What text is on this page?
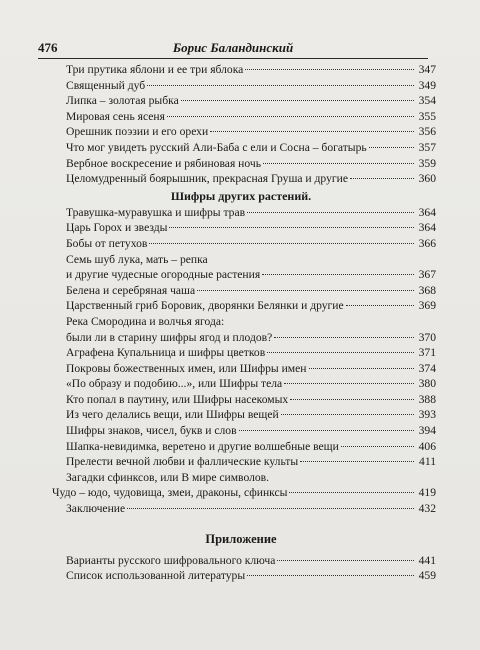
476	Борис Баландинский
Три прутика яблони и ее три яблока	347
Священный дуб	349
Липка – золотая рыбка	354
Мировая сень ясеня	355
Орешник поэзии и его орехи	356
Что мог увидеть русский Али-Баба с ели и Сосна – богатырь	357
Вербное воскресение и рябиновая ночь	359
Целомудренный боярышник, прекрасная Груша и другие	360
Шифры других растений.
Травушка-муравушка и шифры трав	364
Царь Горох и звезды	364
Бобы от петухов	366
Семь шуб лука, мать – репка
и другие чудесные огородные растения	367
Белена и серебряная чаша	368
Царственный гриб Боровик, дворянки Белянки и другие	369
Река Смородина и волчья ягода:
были ли в старину шифры ягод и плодов?	370
Аграфена Купальница и шифры цветков	371
Покровы божественных имен, или Шифры имен	374
«По образу и подобию...», или Шифры тела	380
Кто попал в паутину, или Шифры насекомых	388
Из чего делались вещи, или Шифры вещей	393
Шифры знаков, чисел, букв и слов	394
Шапка-невидимка, веретено и другие волшебные вещи	406
Прелести вечной любви и фаллические культы	411
Загадки сфинксов, или В мире символов.
Чудо – юдо, чудовища, змеи, драконы, сфинксы	419
Заключение	432
Приложение
Варианты русского шифровального ключа	441
Список использованной литературы	459
